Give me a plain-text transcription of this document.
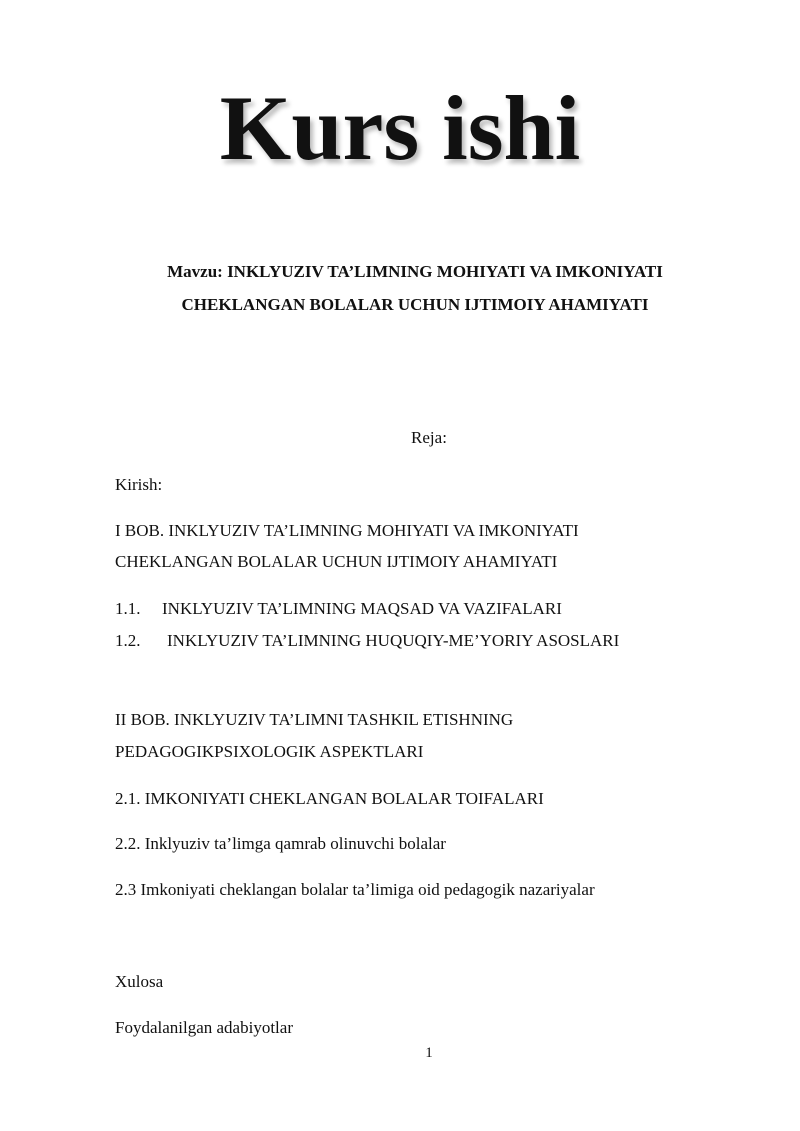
Kurs ishi
Mavzu: INKLYUZIV TA’LIMNING MOHIYATI VA IMKONIYATI
CHEKLANGAN BOLALAR UCHUN IJTIMOIY AHAMIYATI
Reja:
Kirish:
I BOB. INKLYUZIV TA’LIMNING MOHIYATI VA IMKONIYATI
CHEKLANGAN BOLALAR UCHUN IJTIMOIY AHAMIYATI
1.1. INKLYUZIV TA’LIMNING MAQSAD VA VAZIFALARI
1.2. INKLYUZIV TA’LIMNING HUQUQIY-ME’YORIY ASOSLARI
II BOB. INKLYUZIV TA’LIMNI TASHKIL ETISHNING
PEDAGOGIKPSIXOLOGIK ASPEKTLARI
2.1. IMKONIYATI CHEKLANGAN BOLALAR TOIFALARI
2.2. Inklyuziv ta’limga qamrab olinuvchi bolalar
2.3 Imkoniyati cheklangan bolalar ta’limiga oid pedagogik nazariyalar
Xulosa
Foydalanilgan adabiyotlar
1
